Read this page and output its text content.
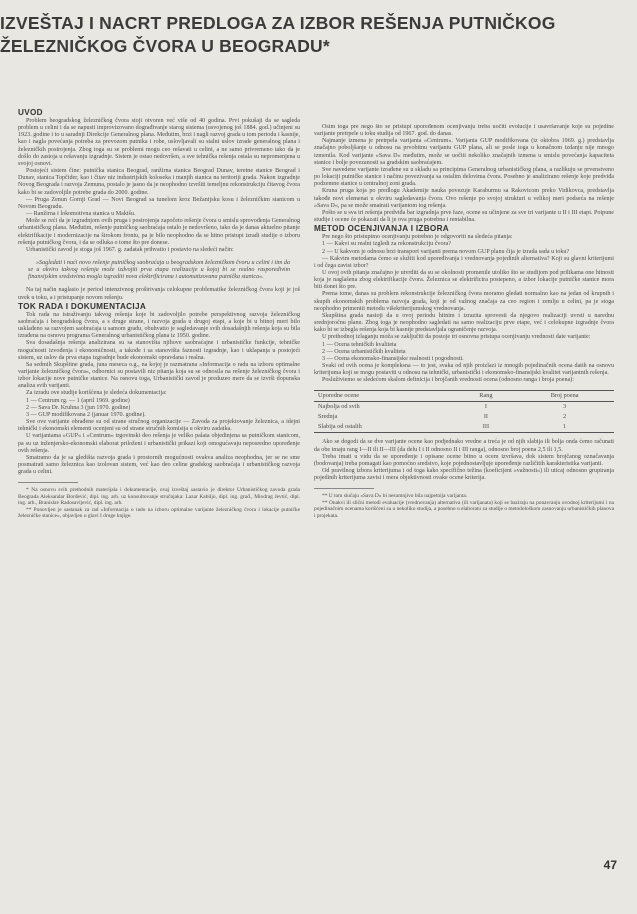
IZVEŠTAJ I NACRT PREDLOGA ZA IZBOR REŠENJA PUTNIČKOG
ŽELEZNIČKOG ČVORA U BEOGRADU*

UVOD

Problem beogradskog železničkog čvora stoji otvoren već više od 40 godina. Prvi pokušaji da se sagleda problem u celini i da se napusti improvizovano dograđivanje starog sistema (usvojenog još 1884. god.) učinjeni su 1923. godine i to u saradnji Direkcije Generalnog plana. Međutim, brzi i nagli razvoj grada u tom periodu i kasnije, kao i nagla povećanja potreba za prevozom putnika i robe, uslovljavali su stalni uslov izrade generalnog plana i železničkih postrojenja. Zbog toga su se problemi mogu ceo rešavati u celini, a ne samo privremeno tako da je došlo do zastoja u rešavanju izgradnje. Sistem je ostao nedovršen, a sve tehnička rešenja ostala su nepromenjena u svojoj osnovi.

Postojeći sistem čine: putnička stanica Beograd, ranžirna stanica Beograd Dunav, teretne stanice Beograd i Dunav, stanica Topčider, kao i čitav niz industrijskih koloseka i manjih stanica na teritoriji grada. Nakon izgradnje Novog Beograda i razvoja Zemuna, postalo je jasno da je neophodno izvršiti temeljnu rekonstrukciju čitavog čvora kako bi se zadovoljile potrebe grada do 2000. godine.

— Pruga Zenun Gornji Grad — Novi Beograd sa tunelom kroz Bežanijsku kosu i železničkim stanicom u Novom Beogradu.

— Ranžirna i lokomotivna stanica u Makišu.

Može se reći da je izgradnjom ovih pruga i postrojenja započeto rešenje čvora u smislu sprovođenja Generalnog urbanističkog plana. Međutim, rešenje putničkog saobraćaja ostalo je nedovršeno, tako da je danas aktuelno pitanje elektrifikacije i modernizacije na širokom frontu, pa je bilo neophodno da se hitno pristupi izradi studije o izboru rešenja putničkog čvora, i da se odluka o tome što pre donese.

Urbanistički zavod je stoga još 1967. g. zadatak prihvatio i postavio na sledeći način:

»Sagledati i naći novo rešenje putničkog saobraćaja u beogradskom železničkom čvoru u celini i tim da se u okviru takvog rešenja može izdvojiti prva etapa realizacije u kojoj bi se realno rasporedivim finansijskim sredstvima mogla izgraditi nova elektrificirana i automatizovana putnička stanica«.

Na taj način naglasio je period intenzivnog proširivanja celokupne problematike železničkog čvora koji je još uvek u toku, a i pristupanje novom rešenju.

TOK RADA I DOKUMENTACIJA

Tok rada na istraživanju takvog rešenja koje bi zadovoljilo potrebe perspektivnog razvoja železničkog saobraćaja i beogradskog čvora, a s druge strane, i razvoja grada u drugoj etapi, a koje bi u bitnoj meri bilo usklađeno sa razvojem saobraćaja u samom gradu, obuhvatio je sagledavanje svih dosadašnjih rešenja koja su bila izrađena na osnovu programa Generalnog urbanističkog plana iz 1950. godine.

Sva dosadašnja rešenja analizirana su sa stanovišta njihove saobraćajne i urbanističke funkcije, tehničke mogućnosti izvođenja i ekonomičnosti, a takođe i sa stanovišta faznosti izgradnje, kao i uklapanja u postojeći sistem, uz uslov da prva etapa izgradnje bude ekonomski opravdana i realna.

Sa sedmih Skupštine grada, juna meseca o.g., na kojoj je razmatrana »Informacija o radu na izboru optimalne varijante železničkog čvora«, odbornici su postavili niz pitanja koja su se odnosila na rešenje železničkog čvora i izbor lokacije nove putničke stanice. Na osnovu toga, Urbanistički zavod je preduzeo mere da se izvrši dopunska analiza svih varijanti.

Za izradu ove studije korišćena je sledeća dokumentacija:

1 — Centrum rg. — 1 (april 1969. godine)

2 — Sava Dr. Kruhna 3 (jun 1970. godine)

3 — GUP modifikovana 2 (januar 1970. godine).

Sve ove varijante obrađene su od strane stručnog organizacije — Zavoda za projektovanje železnica, a idejni tehnički i ekonomski elementi ocenjeni su od strane stručnih komisija u okviru zadatka.

U varijantama »GUP« i »Centrum« trgovinski deo rešenja je veliko palata objedinjena sa putničkom stanicom, pa su uz inženjersko-ekonomski elaborat priloženi i urbanistički prikazi koji omogućavaju neposredno upoređenje ovih rešenja.

Smatramo da je sa gledišta razvoja grada i prostornih mogućnosti ovakva analiza neophodna, jer se ne sme posmatrati samo železnica kao izolovan sistem, već kao deo celine gradskog saobraćaja i urbanističkog razvoja grada u celini.

* Na osnovu svih prethodnih materijala i dokumentacije, ovaj izveštaj sastavio je direktor Urbanističkog zavoda grada Beograda Aleksandar Đorđević, dipl. ing. arh. uz konsultovanje stručnjaka: Lazar Kabiljo, dipl. ing. građ., Miodrag Jevtić, dipl. ing. arh., Branislav Radosavljević, dipl. ing. arh.

** Ponovljen je sastanak za rad »Informacija o radu na izboru optimalne varijante železničkog čvora i lokacije putničke železničke stanice«, objavljen u glavi I druge knjige.

Osim toga pre nego što se pristupi upoređenom ocenjivanju treba uočiti evolucije i usavršavanje koje su pojedine varijante pretrpele u toku studija od 1967. god. do danas.

Najmanje izmena je pretrpela varijanta »Centrum«. Varijanta GUP modifikovana (iz oktobra 1969. g.) predstavlja značajno poboljšanje u odnosu na prvobitnu varijantu GUP plana, ali se posle toga u konačnom izdanju nije mnogo izmenila. Kod varijante »Sava D« međutim, može se uočiti nekoliko značajnih izmena u smislu povećanja kapaciteta stanice i bolje povezanosti sa gradskim saobraćajem.

Sve navedene varijante izrađene su u skladu sa principima Generalnog urbanističkog plana, a razlikuju se prvenstveno po lokaciji putničke stanice i načinu povezivanja sa ostalim delovima čvora. Posebno je analizirano rešenje koje predviđa podzemne stanice u centralnoj zoni grada.

Kruna pruga koja po predlogu Akademije nauka povezuje Karaburmu sa Rakovicom preko Vidikovca, predstavlja takođe novi elemenat u okviru sagledavanja čvora. Ovo rešenje po svojoj strukturi u velikoj meri podseća na rešenje »Sava D«, pa se može smatrati varijantom tog rešenja.

Pošto se u sva tri rešenja predviđa bar izgradnja prve faze, ocene su učinjene za sve tri varijante u II i III etapi. Potpune studije i ocene će pokazati da li je ova pruga potrebna i rentabilna.

METOD OCENJIVANJA I IZBORA

Pre nego što pristupimo ocenjivanju potrebno je odgovoriti na sledeća pitanja:

1 — Kakvi su realni izgledi za rekonstrukciju čvora?

2 — U kakvom je odnosu brzi transport varijanti prema novom GUP planu čija je izrada sada u toku?

— Kakvim metodama ćemo se služiti kod upoređivanja i vrednovanja pojedinih alternativa? Koji su glavni kriterijumi i od čega zavisi izbor?

U ovoj ovih pitanja značajno je utvrditi da su se okolnosti promenile utoliko što se studijom pod prilikama one hitnosti koja je naglašena zbog elektrifikacije čvora. Železnica se elektrificira postepeno, a izbor lokacije putničke stanice mora biti donet što pre.

Prema tome, danas su problem rekonstrukcije železničkog čvora moramo gledati normalno kao na jedan od krupnih i skupih ekonomskih problema razvoja grada, koji je od važnog značaja za ceo region i zemlju u celini, pa je stoga neophodno primeniti metodu višekriterijumskog vrednovanja.

Skupština grada nastoji da u ovoj periodu hitnim i izrazita sprovesti da njegovo realizaciji uvrsti u narednu srednjoročnu planu. Zbog toga je neophodno sagledati na samo realizaciju prve etape, već i celokupne izgradnje čvora kako bi se izbegla rešenja koja bi kasnije predstavljala ograničenje razvoja.

U prethodnoj izlaganju moža se zaključiti da postoje tri osnovna pristupa ocenjivanju vrednosti date varijante:

1 — Ocena tehničkih kvaliteta

2 — Ocena urbanističkih kvaliteta

3 — Ocena ekonomsko-finansijske realnosti i pogodnosti.

Svaki od ovih ocena je kompleksna — to jest, svaka od njih proizlazi iz mnogih pojedinačnih ocena datih na osnovu kriterijuma koji se mogu postaviti u odnosu na tehnički, urbanistički i ekonomsko-finansijski kvalitet varijantnih rešenja.

Posluživiemo se sledećom skalom definicija i brojčanih vrednosti ocena (odnosno ranga i broja poena):

Uporedne ocene	Rang	Broj poena
Najbolja od svih	I	3
Srednja	II	2
Slabija od ostalih	III	1

Ako se dogodi da se dve varijante ocene kao podjednako vredne a treća je od njih slabija ili bolja onda ćemo računati da obe imaju rang I—II ili II—III (da delu I i II odnosno II i III ranga), odnosno broj poena 2,5 ili 1,5.

Treba imati u vidu da se upoređenje i opisane ocene bitno u ocem izvršava, dok sistem brojčanog označavanja (bodovanja) treba pomagati kao pomoćno sredstvo, koje pojednostavljuje upoređenje različitih karakteristika varijanti.

Od pravilnog izbora kriterijuma i od toga kako specifično težina (koeficijent »važnosti«) ili uticaj odnosno grupiranja pojedinih kriterijuma zavisi i mera objektivnosti ovake ocene kriterija.

** U tom slučaju »Sava D« bi nesumnjivo bila najpetnija varijanta.

** Onakvi ili slični metodi evaluacije (vrednovanja) alternativa (ili varijanata) koji se baziraju na ponavranju uvodnoj kriterijumi i na pojedinačnim ocenama korišćeni su u nekoliko studija, a posebno u elaboratu za studije o metodološkom zasnovanju urbanističkih planova i projekata.

47
